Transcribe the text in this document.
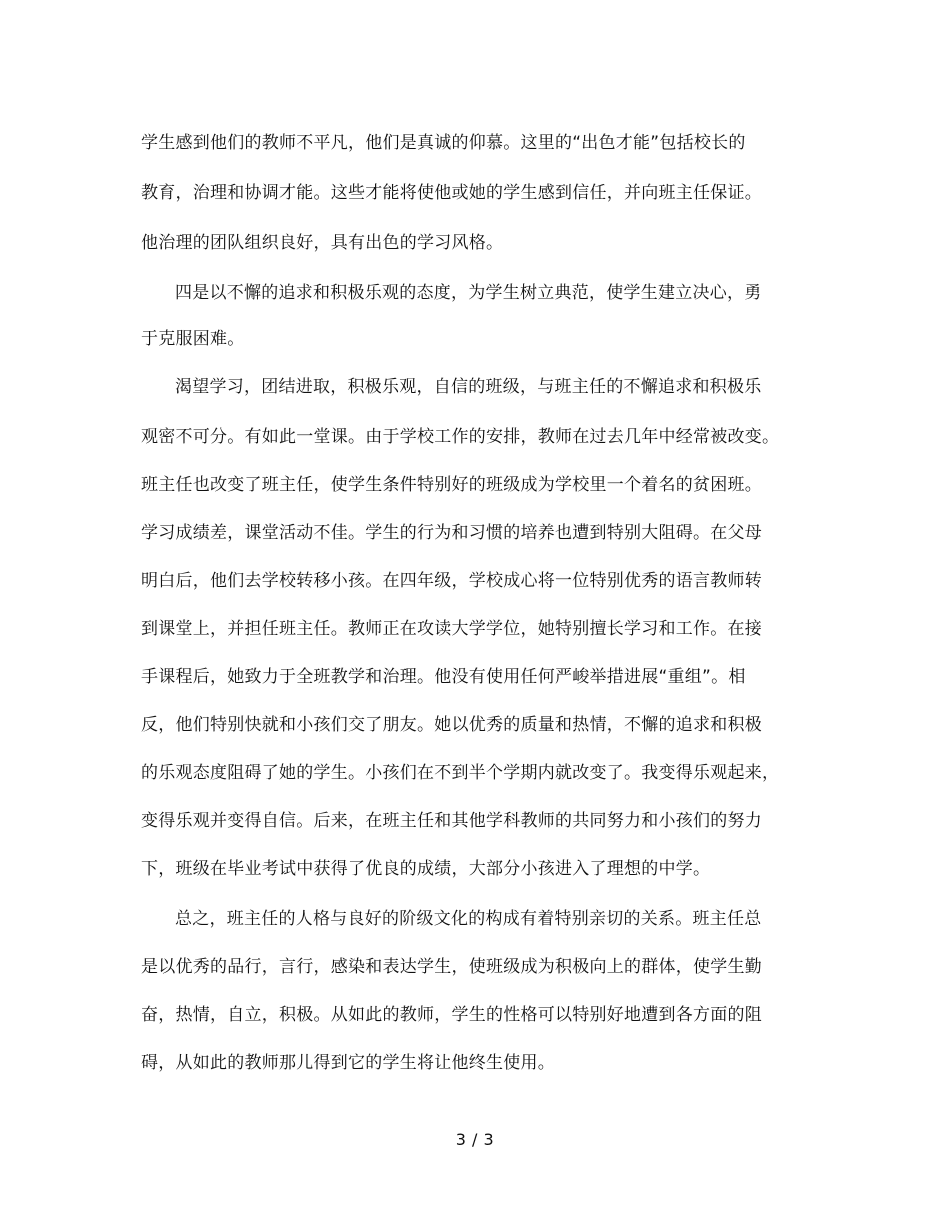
学生感到他们的教师不平凡，他们是真诚的仰慕。这里的“出色才能”包括校长的
教育，治理和协调才能。这些才能将使他或她的学生感到信任，并向班主任保证。
他治理的团队组织良好，具有出色的学习风格。
四是以不懈的追求和积极乐观的态度，为学生树立典范，使学生建立决心，勇
于克服困难。
渴望学习，团结进取，积极乐观，自信的班级，与班主任的不懈追求和积极乐
观密不可分。有如此一堂课。由于学校工作的安排，教师在过去几年中经常被改变。
班主任也改变了班主任，使学生条件特别好的班级成为学校里一个着名的贫困班。
学习成绩差，课堂活动不佳。学生的行为和习惯的培养也遭到特别大阻碍。在父母
明白后，他们去学校转移小孩。在四年级，学校成心将一位特别优秀的语言教师转
到课堂上，并担任班主任。教师正在攻读大学学位，她特别擅长学习和工作。在接
手课程后，她致力于全班教学和治理。他没有使用任何严峻举措进展“重组”。相
反，他们特别快就和小孩们交了朋友。她以优秀的质量和热情，不懈的追求和积极
的乐观态度阻碍了她的学生。小孩们在不到半个学期内就改变了。我变得乐观起来，
变得乐观并变得自信。后来，在班主任和其他学科教师的共同努力和小孩们的努力
下，班级在毕业考试中获得了优良的成绩，大部分小孩进入了理想的中学。
总之，班主任的人格与良好的阶级文化的构成有着特别亲切的关系。班主任总
是以优秀的品行，言行，感染和表达学生，使班级成为积极向上的群体，使学生勤
奋，热情，自立，积极。从如此的教师，学生的性格可以特别好地遭到各方面的阻
碍，从如此的教师那儿得到它的学生将让他终生使用。
3 / 3
